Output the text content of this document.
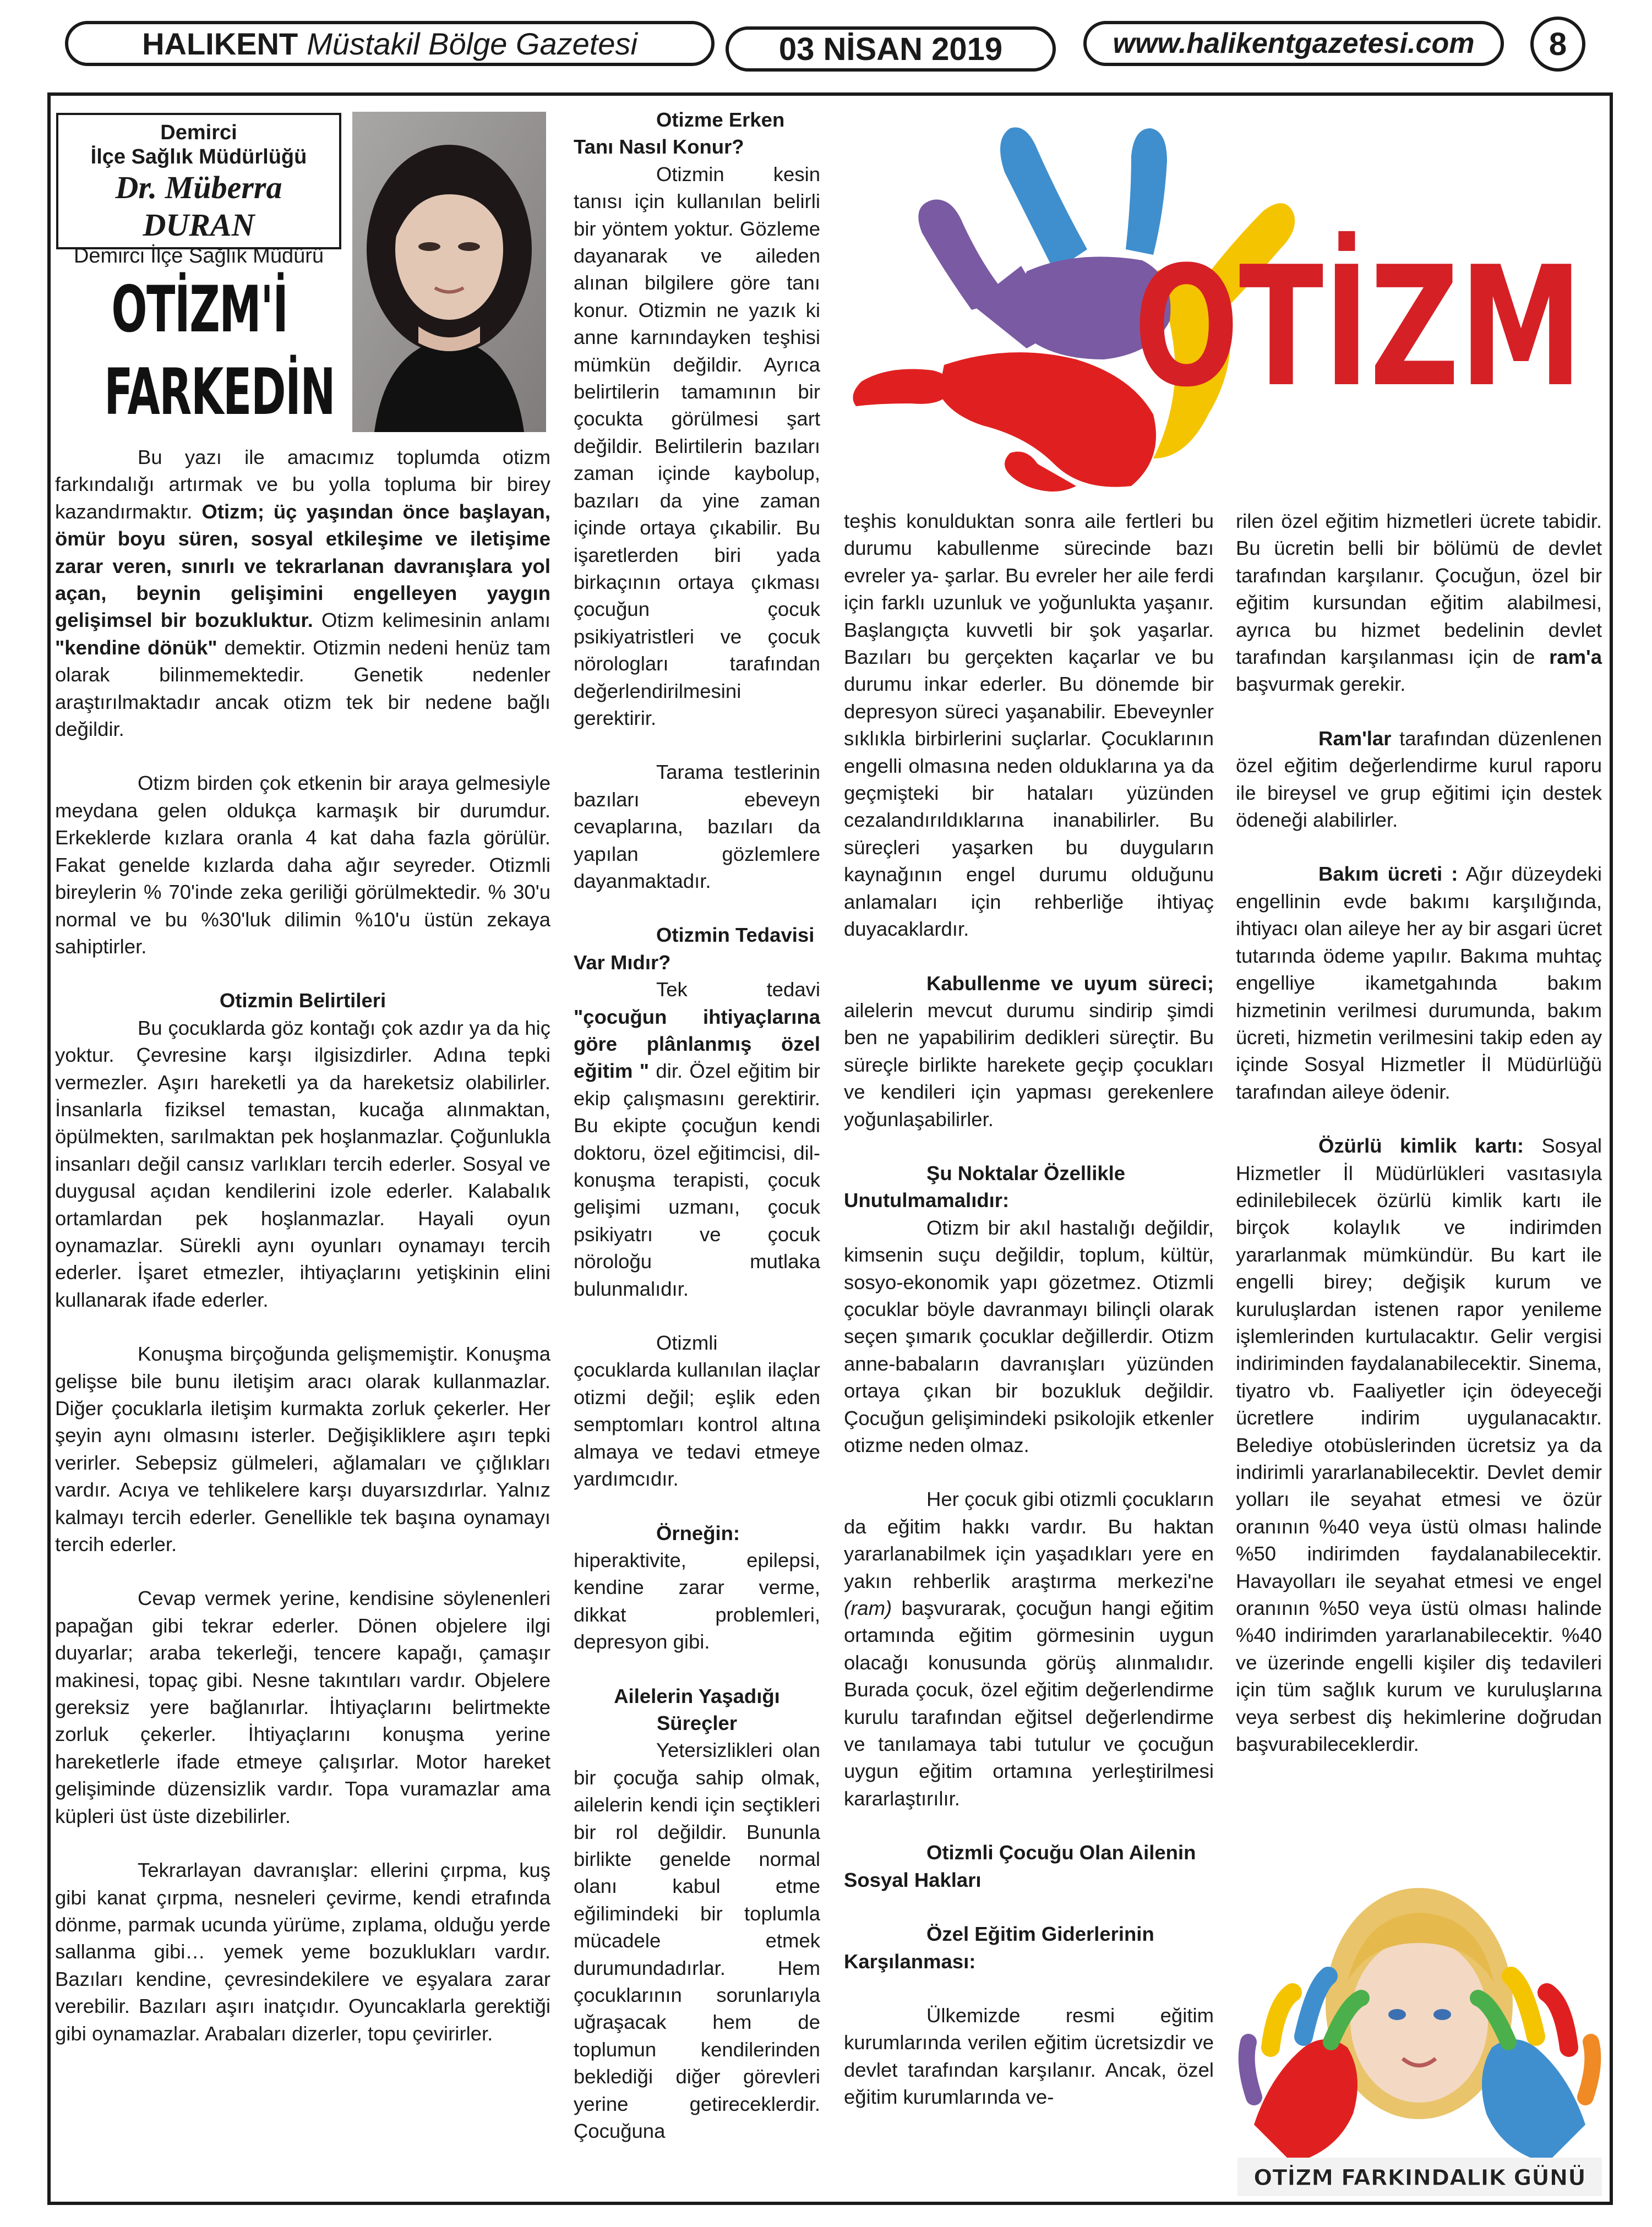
HALIKENT Müstakil Bölge Gazetesi	03 NİSAN 2019	www.halikentgazetesi.com	8
Demirci
İlçe Sağlık Müdürlüğü
Dr. Müberra DURAN
Demirci İlçe Sağlık Müdürü
OTİZM'İ
FARKEDİN	OTİZM

Bu yazı ile amacımız toplumda otizm farkındalığı artırmak ve bu yolla topluma bir birey kazandırmaktır. Otizm; üç yaşından önce başlayan, ömür boyu süren, sosyal etkileşime ve iletişime zarar veren, sınırlı ve tekrarlanan davranışlara yol açan, beynin gelişimini engelleyen yaygın gelişimsel bir bozukluktur. Otizm kelimesinin anlamı "kendine dönük" demektir. Otizmin nedeni henüz tam olarak bilinmemektedir. Genetik nedenler araştırılmaktadır ancak otizm tek bir nedene bağlı değildir.

Otizm birden çok etkenin bir araya gelmesiyle meydana gelen oldukça karmaşık bir durumdur. Erkeklerde kızlara oranla 4 kat daha fazla görülür. Fakat genelde kızlarda daha ağır seyreder. Otizmli bireylerin % 70'inde zeka geriliği görülmektedir. % 30'u normal ve bu %30'luk dilimin %10'u üstün zekaya sahiptirler.

Otizmin Belirtileri

Bu çocuklarda göz kontağı çok azdır ya da hiç yoktur. Çevresine karşı ilgisizdirler. Adına tepki vermezler. Aşırı hareketli ya da hareketsiz olabilirler. İnsanlarla fiziksel temastan, kucağa alınmaktan, öpülmekten, sarılmaktan pek hoşlanmazlar. Çoğunlukla insanları değil cansız varlıkları tercih ederler. Sosyal ve duygusal açıdan kendilerini izole ederler. Kalabalık ortamlardan pek hoşlanmazlar. Hayali oyun oynamazlar. Sürekli aynı oyunları oynamayı tercih ederler. İşaret etmezler, ihtiyaçlarını yetişkinin elini kullanarak ifade ederler.

Konuşma birçoğunda gelişmemiştir. Konuşma gelişse bile bunu iletişim aracı olarak kullanmazlar. Diğer çocuklarla iletişim kurmakta zorluk çekerler. Her şeyin aynı olmasını isterler. Değişikliklere aşırı tepki verirler. Sebepsiz gülmeleri, ağlamaları ve çığlıkları vardır. Acıya ve tehlikelere karşı duyarsızdırlar. Yalnız kalmayı tercih ederler. Genellikle tek başına oynamayı tercih ederler.

Cevap vermek yerine, kendisine söylenenleri papağan gibi tekrar ederler. Dönen objelere ilgi duyarlar; araba tekerleği, tencere kapağı, çamaşır makinesi, topaç gibi. Nesne takıntıları vardır. Objelere gereksiz yere bağlanırlar. İhtiyaçlarını belirtmekte zorluk çekerler. İhtiyaçlarını konuşma yerine hareketlerle ifade etmeye çalışırlar. Motor hareket gelişiminde düzensizlik vardır. Topa vuramazlar ama küpleri üst üste dizebilirler.

Tekrarlayan davranışlar: ellerini çırpma, kuş gibi kanat çırpma, nesneleri çevirme, kendi etrafında dönme, parmak ucunda yürüme, zıplama, olduğu yerde sallanma gibi… yemek yeme bozuklukları vardır. Bazıları kendine, çevresindekilere ve eşyalara zarar verebilir. Bazıları aşırı inatçıdır. Oyuncaklarla gerektiği gibi oynamazlar. Arabaları dizerler, topu çevirirler.

Otizme Erken Tanı Nasıl Konur?

Otizmin kesin tanısı için kullanılan belirli bir yöntem yoktur. Gözleme dayanarak ve aileden alınan bilgilere göre tanı konur. Otizmin ne yazık ki anne karnındayken teşhisi mümkün değildir. Ayrıca belirtilerin tamamının bir çocukta görülmesi şart değildir. Belirtilerin bazıları zaman içinde kaybolup, bazıları da yine zaman içinde ortaya çıkabilir. Bu işaretlerden biri yada birkaçının ortaya çıkması çocuğun çocuk psikiyatristleri ve çocuk nörologları tarafından değerlendirilmesini gerektirir.

Tarama testlerinin bazıları ebeveyn cevaplarına, bazıları da yapılan gözlemlere dayanmaktadır.

Otizmin Tedavisi Var Mıdır?

Tek tedavi "çocuğun ihtiyaçlarına göre plânlanmış özel eğitim " dir. Özel eğitim bir ekip çalışmasını gerektirir. Bu ekipte çocuğun kendi doktoru, özel eğitimcisi, dil-konuşma terapisti, çocuk gelişimi uzmanı, çocuk psikiyatrı ve çocuk nöroloğu mutlaka bulunmalıdır.

Otizmli çocuklarda kullanılan ilaçlar otizmi değil; eşlik eden semptomları kontrol altına almaya ve tedavi etmeye yardımcıdır.

Örneğin: hiperaktivite, epilepsi, kendine zarar verme, dikkat problemleri, depresyon gibi.

Ailelerin Yaşadığı Süreçler

Yetersizlikleri olan bir çocuğa sahip olmak, ailelerin kendi için seçtikleri bir rol değildir. Bununla birlikte genelde normal olanı kabul etme eğilimindeki bir toplumla mücadele etmek durumundadırlar. Hem çocuklarının sorunlarıyla uğraşacak hem de toplumun kendilerinden beklediği diğer görevleri yerine getireceklerdir. Çocuğuna

teşhis konulduktan sonra aile fertleri bu durumu kabullenme sürecinde bazı evreler ya- şarlar. Bu evreler her aile ferdi için farklı uzunluk ve yoğunlukta yaşanır. Başlangıçta kuvvetli bir şok yaşarlar. Bazıları bu gerçekten kaçarlar ve bu durumu inkar ederler. Bu dönemde bir depresyon süreci yaşanabilir. Ebeveynler sıklıkla birbirlerini suçlarlar. Çocuklarının engelli olmasına neden olduklarına ya da geçmişteki bir hataları yüzünden cezalandırıldıklarına inanabilirler. Bu süreçleri yaşarken bu duyguların kaynağının engel durumu olduğunu anlamaları için rehberliğe ihtiyaç duyacaklardır.

Kabullenme ve uyum süreci; ailelerin mevcut durumu sindirip şimdi ben ne yapabilirim dedikleri süreçtir. Bu süreçle birlikte harekete geçip çocukları ve kendileri için yapması gerekenlere yoğunlaşabilirler.

Şu Noktalar Özellikle Unutulmamalıdır:

Otizm bir akıl hastalığı değildir, kimsenin suçu değildir, toplum, kültür, sosyo-ekonomik yapı gözetmez. Otizmli çocuklar böyle davranmayı bilinçli olarak seçen şımarık çocuklar değillerdir. Otizm anne-babaların davranışları yüzünden ortaya çıkan bir bozukluk değildir. Çocuğun gelişimindeki psikolojik etkenler otizme neden olmaz.

Her çocuk gibi otizmli çocukların da eğitim hakkı vardır. Bu haktan yararlanabilmek için yaşadıkları yere en yakın rehberlik araştırma merkezi'ne (ram) başvurarak, çocuğun hangi eğitim ortamında eğitim görmesinin uygun olacağı konusunda görüş alınmalıdır. Burada çocuk, özel eğitim değerlendirme kurulu tarafından eğitsel değerlendirme ve tanılamaya tabi tutulur ve çocuğun uygun eğitim ortamına yerleştirilmesi kararlaştırılır.

Otizmli Çocuğu Olan Ailenin Sosyal Hakları
Özel Eğitim Giderlerinin Karşılanması:

Ülkemizde resmi eğitim kurumlarında verilen eğitim ücretsizdir ve devlet tarafından karşılanır. Ancak, özel eğitim kurumlarında ve-

rilen özel eğitim hizmetleri ücrete tabidir. Bu ücretin belli bir bölümü de devlet tarafından karşılanır. Çocuğun, özel bir eğitim kursundan eğitim alabilmesi, ayrıca bu hizmet bedelinin devlet tarafından karşılanması için de ram'a başvurmak gerekir.

Ram'lar tarafından düzenlenen özel eğitim değerlendirme kurul raporu ile bireysel ve grup eğitimi için destek ödeneği alabilirler.

Bakım ücreti : Ağır düzeydeki engellinin evde bakımı karşılığında, ihtiyacı olan aileye her ay bir asgari ücret tutarında ödeme yapılır. Bakıma muhtaç engelliye ikametgahında bakım hizmetinin verilmesi durumunda, bakım ücreti, hizmetin verilmesini takip eden ay içinde Sosyal Hizmetler İl Müdürlüğü tarafından aileye ödenir.

Özürlü kimlik kartı: Sosyal Hizmetler İl Müdürlükleri vasıtasıyla edinilebilecek özürlü kimlik kartı ile birçok kolaylık ve indirimden yararlanmak mümkündür. Bu kart ile engelli birey; değişik kurum ve kuruluşlardan istenen rapor yenileme işlemlerinden kurtulacaktır. Gelir vergisi indiriminden faydalanabilecektir. Sinema, tiyatro vb. Faaliyetler için ödeyeceği ücretlere indirim uygulanacaktır. Belediye otobüslerinden ücretsiz ya da indirimli yararlanabilecektir. Devlet demir yolları ile seyahat etmesi ve özür oranının %40 veya üstü olması halinde %50 indirimden faydalanabilecektir. Havayolları ile seyahat etmesi ve engel oranının %50 veya üstü olması halinde %40 indirimden yararlanabilecektir. %40 ve üzerinde engelli kişiler diş tedavileri için tüm sağlık kurum ve kuruluşlarına veya serbest diş hekimlerine doğrudan başvurabileceklerdir.

OTİZM FARKINDALIK GÜNÜ
